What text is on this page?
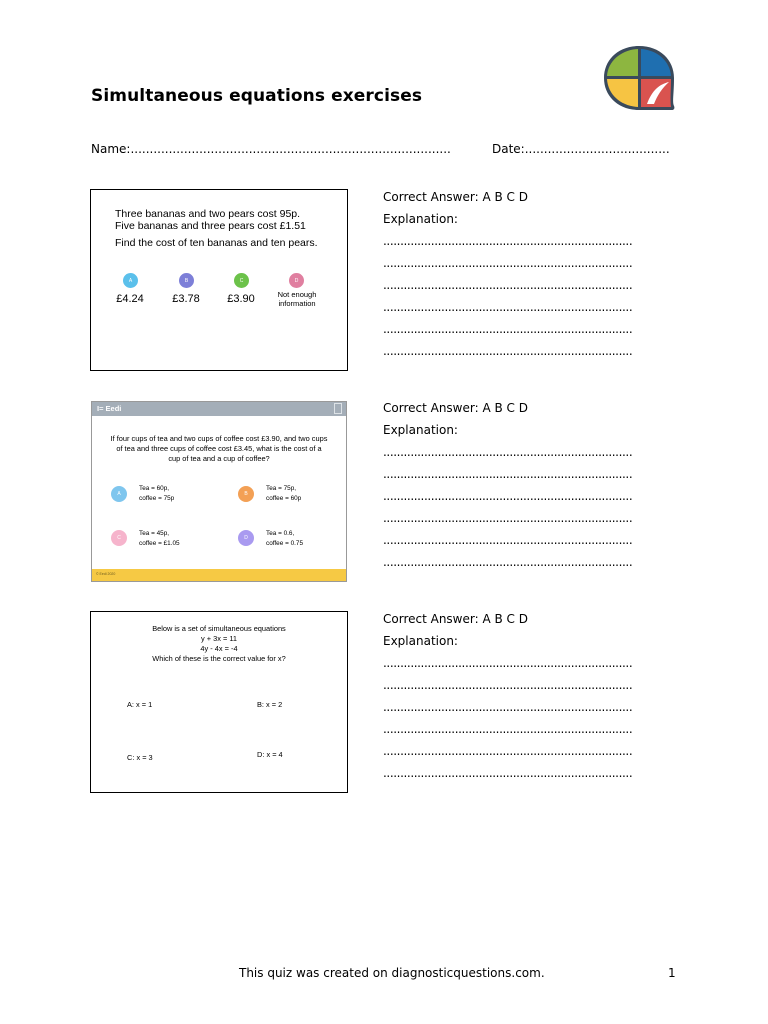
Simultaneous equations exercises
Name:....................................................................................	Date:......................................
Three bananas and two pears cost 95p.
Five bananas and three pears cost £1.51
Find the cost of ten bananas and ten pears.
A	B	C	D
£4.24	£3.78	£3.90	Not enough information
I= Eedi
If four cups of tea and two cups of coffee cost £3.90, and two cups of tea and three cups of coffee cost £3.45, what is the cost of a cup of tea and a cup of coffee?
A
Tea = 60p,
coffee = 75p
B
Tea = 75p,
coffee = 60p
C
Tea = 45p,
coffee = £1.05
D
Tea = 0.6,
coffee = 0.75
© Eedi 2020
Below is a set of simultaneous equations
y + 3x = 11
4y - 4x = -4
Which of these is the correct value for x?
A: x = 1	B: x = 2
C: x = 3	D: x = 4
Correct Answer: A B C D
Explanation:
.........................................................................
.........................................................................
.........................................................................
.........................................................................
.........................................................................
.........................................................................
Correct Answer: A B C D
Explanation:
.........................................................................
.........................................................................
.........................................................................
.........................................................................
.........................................................................
.........................................................................
Correct Answer: A B C D
Explanation:
.........................................................................
.........................................................................
.........................................................................
.........................................................................
.........................................................................
.........................................................................
This quiz was created on diagnosticquestions.com.	1
